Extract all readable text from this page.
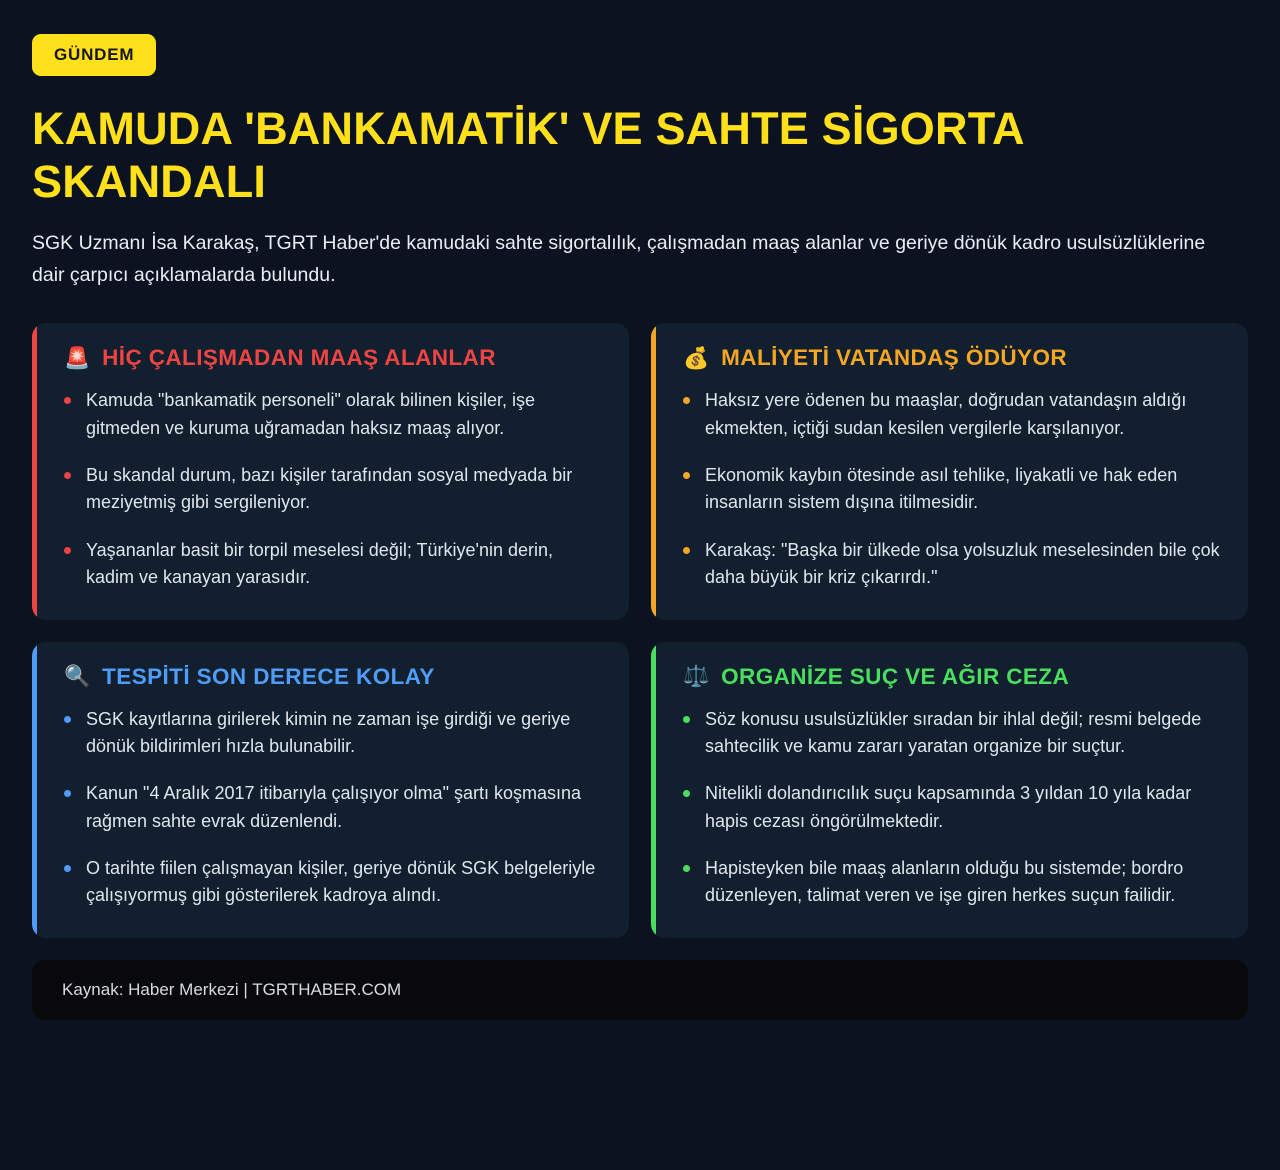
GÜNDEM
KAMUDA 'BANKAMATİK' VE SAHTE SİGORTA SKANDALI

SGK Uzmanı İsa Karakaş, TGRT Haber'de kamudaki sahte sigortalılık, çalışmadan maaş alanlar ve geriye dönük kadro usulsüzlüklerine dair çarpıcı açıklamalarda bulundu.

🚨 HİÇ ÇALIŞMADAN MAAŞ ALANLAR
Kamuda "bankamatik personeli" olarak bilinen kişiler, işe gitmeden ve kuruma uğramadan haksız maaş alıyor.
Bu skandal durum, bazı kişiler tarafından sosyal medyada bir meziyetmiş gibi sergileniyor.
Yaşananlar basit bir torpil meselesi değil; Türkiye'nin derin, kadim ve kanayan yarasıdır.
💰 MALİYETİ VATANDAŞ ÖDÜYOR
Haksız yere ödenen bu maaşlar, doğrudan vatandaşın aldığı ekmekten, içtiği sudan kesilen vergilerle karşılanıyor.
Ekonomik kaybın ötesinde asıl tehlike, liyakatli ve hak eden insanların sistem dışına itilmesidir.
Karakaş: "Başka bir ülkede olsa yolsuzluk meselesinden bile çok daha büyük bir kriz çıkarırdı."
🔍 TESPİTİ SON DERECE KOLAY
SGK kayıtlarına girilerek kimin ne zaman işe girdiği ve geriye dönük bildirimleri hızla bulunabilir.
Kanun "4 Aralık 2017 itibarıyla çalışıyor olma" şartı koşmasına rağmen sahte evrak düzenlendi.
O tarihte fiilen çalışmayan kişiler, geriye dönük SGK belgeleriyle çalışıyormuş gibi gösterilerek kadroya alındı.
⚖️ ORGANİZE SUÇ VE AĞIR CEZA
Söz konusu usulsüzlükler sıradan bir ihlal değil; resmi belgede sahtecilik ve kamu zararı yaratan organize bir suçtur.
Nitelikli dolandırıcılık suçu kapsamında 3 yıldan 10 yıla kadar hapis cezası öngörülmektedir.
Hapisteyken bile maaş alanların olduğu bu sistemde; bordro düzenleyen, talimat veren ve işe giren herkes suçun failidir.
Kaynak: Haber Merkezi | TGRTHABER.COM
